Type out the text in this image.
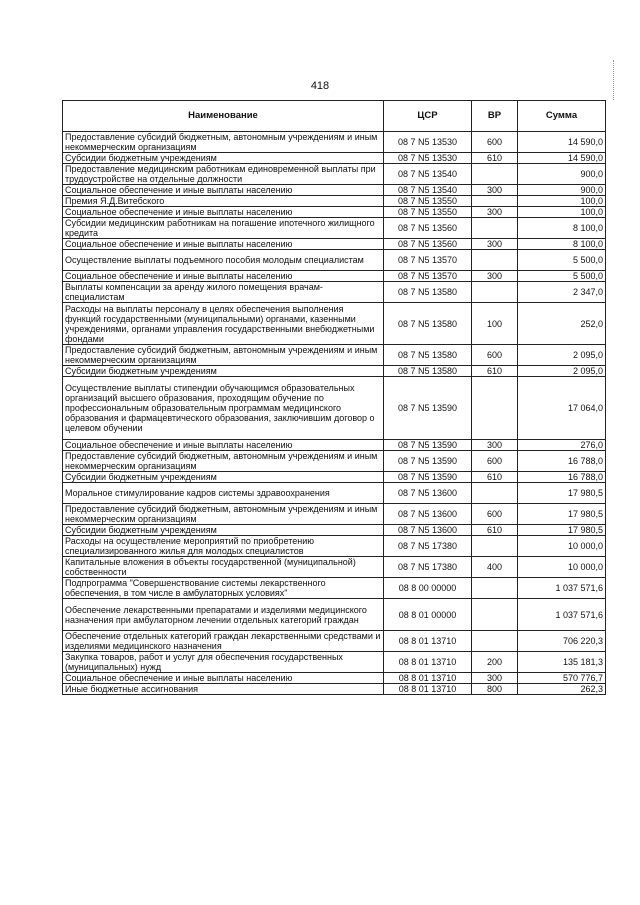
418
Наименование	ЦСР	ВР	Сумма
Предоставление субсидий бюджетным, автономным учреждениям и иным некоммерческим организациям	08 7 N5 13530	600	14 590,0
Субсидии бюджетным учреждениям	08 7 N5 13530	610	14 590,0
Предоставление медицинским работникам единовременной выплаты при трудоустройстве на отдельные должности	08 7 N5 13540		900,0
Социальное обеспечение и иные выплаты населению	08 7 N5 13540	300	900,0
Премия Я.Д.Витебского	08 7 N5 13550		100,0
Социальное обеспечение и иные выплаты населению	08 7 N5 13550	300	100,0
Субсидии медицинским работникам на погашение ипотечного жилищного кредита	08 7 N5 13560		8 100,0
Социальное обеспечение и иные выплаты населению	08 7 N5 13560	300	8 100,0
Осуществление выплаты подъемного пособия молодым специалистам	08 7 N5 13570		5 500,0
Социальное обеспечение и иные выплаты населению	08 7 N5 13570	300	5 500,0
Выплаты компенсации за аренду жилого помещения врачам-специалистам	08 7 N5 13580		2 347,0
Расходы на выплаты персоналу в целях обеспечения выполнения функций государственными (муниципальными) органами, казенными учреждениями, органами управления государственными внебюджетными фондами	08 7 N5 13580	100	252,0
Предоставление субсидий бюджетным, автономным учреждениям и иным некоммерческим организациям	08 7 N5 13580	600	2 095,0
Субсидии бюджетным учреждениям	08 7 N5 13580	610	2 095,0
Осуществление выплаты стипендии обучающимся образовательных организаций высшего образования, проходящим обучение по профессиональным образовательным программам медицинского образования и фармацевтического образования, заключившим договор о целевом обучении	08 7 N5 13590		17 064,0
Социальное обеспечение и иные выплаты населению	08 7 N5 13590	300	276,0
Предоставление субсидий бюджетным, автономным учреждениям и иным некоммерческим организациям	08 7 N5 13590	600	16 788,0
Субсидии бюджетным учреждениям	08 7 N5 13590	610	16 788,0
Моральное стимулирование кадров системы здравоохранения	08 7 N5 13600		17 980,5
Предоставление субсидий бюджетным, автономным учреждениям и иным некоммерческим организациям	08 7 N5 13600	600	17 980,5
Субсидии бюджетным учреждениям	08 7 N5 13600	610	17 980,5
Расходы на осуществление мероприятий по приобретению специализированного жилья для молодых специалистов	08 7 N5 17380		10 000,0
Капитальные вложения в объекты государственной (муниципальной) собственности	08 7 N5 17380	400	10 000,0
Подпрограмма "Совершенствование системы лекарственного обеспечения, в том числе в амбулаторных условиях"	08 8 00 00000		1 037 571,6
Обеспечение лекарственными препаратами и изделиями медицинского назначения при амбулаторном лечении отдельных категорий граждан	08 8 01 00000		1 037 571,6
Обеспечение отдельных категорий граждан лекарственными средствами и изделиями медицинского назначения	08 8 01 13710		706 220,3
Закупка товаров, работ и услуг для обеспечения государственных (муниципальных) нужд	08 8 01 13710	200	135 181,3
Социальное обеспечение и иные выплаты населению	08 8 01 13710	300	570 776,7
Иные бюджетные ассигнования	08 8 01 13710	800	262,3
